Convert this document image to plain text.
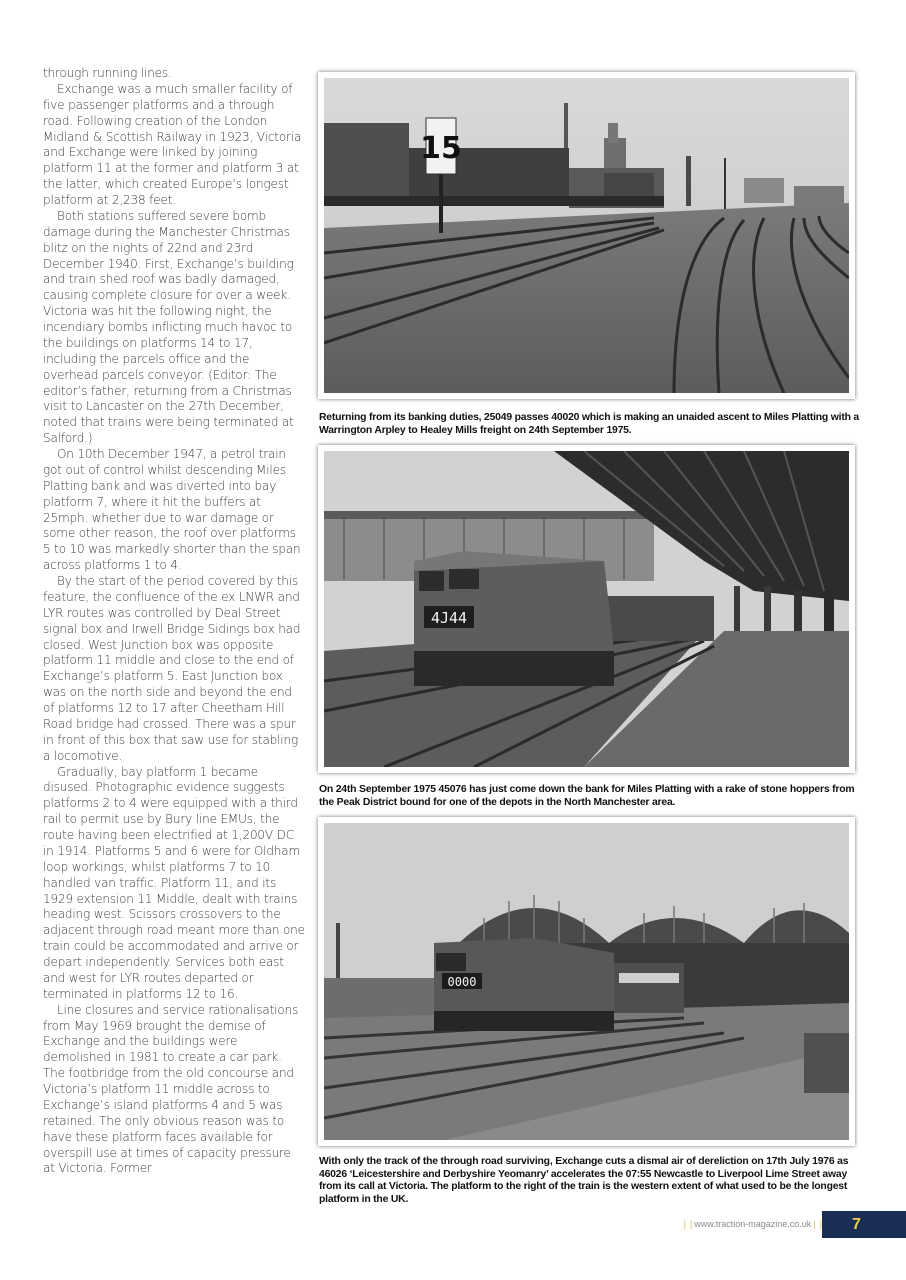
through running lines.

Exchange was a much smaller facility of five passenger platforms and a through road. Following creation of the London Midland & Scottish Railway in 1923, Victoria and Exchange were linked by joining platform 11 at the former and platform 3 at the latter, which created Europe’s longest platform at 2,238 feet.

Both stations suffered severe bomb damage during the Manchester Christmas blitz on the nights of 22nd and 23rd December 1940. First, Exchange’s building and train shed roof was badly damaged, causing complete closure for over a week. Victoria was hit the following night, the incendiary bombs inflicting much havoc to the buildings on platforms 14 to 17, including the parcels office and the overhead parcels conveyor. (Editor: The editor’s father, returning from a Christmas visit to Lancaster on the 27th December, noted that trains were being terminated at Salford.)

On 10th December 1947, a petrol train got out of control whilst descending Miles Platting bank and was diverted into bay platform 7, where it hit the buffers at 25mph. whether due to war damage or some other reason, the roof over platforms 5 to 10 was markedly shorter than the span across platforms 1 to 4.

By the start of the period covered by this feature, the confluence of the ex LNWR and LYR routes was controlled by Deal Street signal box and Irwell Bridge Sidings box had closed. West Junction box was opposite platform 11 middle and close to the end of Exchange’s platform 5. East Junction box was on the north side and beyond the end of platforms 12 to 17 after Cheetham Hill Road bridge had crossed. There was a spur in front of this box that saw use for stabling a locomotive.

Gradually, bay platform 1 became disused. Photographic evidence suggests platforms 2 to 4 were equipped with a third rail to permit use by Bury line EMUs, the route having been electrified at 1,200V DC in 1914. Platforms 5 and 6 were for Oldham loop workings, whilst platforms 7 to 10 handled van traffic. Platform 11, and its 1929 extension 11 Middle, dealt with trains heading west. Scissors crossovers to the adjacent through road meant more than one train could be accommodated and arrive or depart independently. Services both east and west for LYR routes departed or terminated in platforms 12 to 16.

Line closures and service rationalisations from May 1969 brought the demise of Exchange and the buildings were demolished in 1981 to create a car park. The footbridge from the old concourse and Victoria’s platform 11 middle across to Exchange’s island platforms 4 and 5 was retained. The only obvious reason was to have these platform faces available for overspill use at times of capacity pressure at Victoria. Former

15
Returning from its banking duties, 25049 passes 40020 which is making an unaided ascent to Miles Platting with a Warrington Arpley to Healey Mills freight on 24th September 1975.
4J44
On 24th September 1975 45076 has just come down the bank for Miles Platting with a rake of stone hoppers from the Peak District bound for one of the depots in the North Manchester area.
0000
With only the track of the through road surviving, Exchange cuts a dismal air of dereliction on 17th July 1976 as 46026 ‘Leicestershire and Derbyshire Yeomanry’ accelerates the 07:55 Newcastle to Liverpool Lime Street away from its call at Victoria. The platform to the right of the train is the western extent of what used to be the longest platform in the UK.
| | www.traction-magazine.co.uk | | 7
